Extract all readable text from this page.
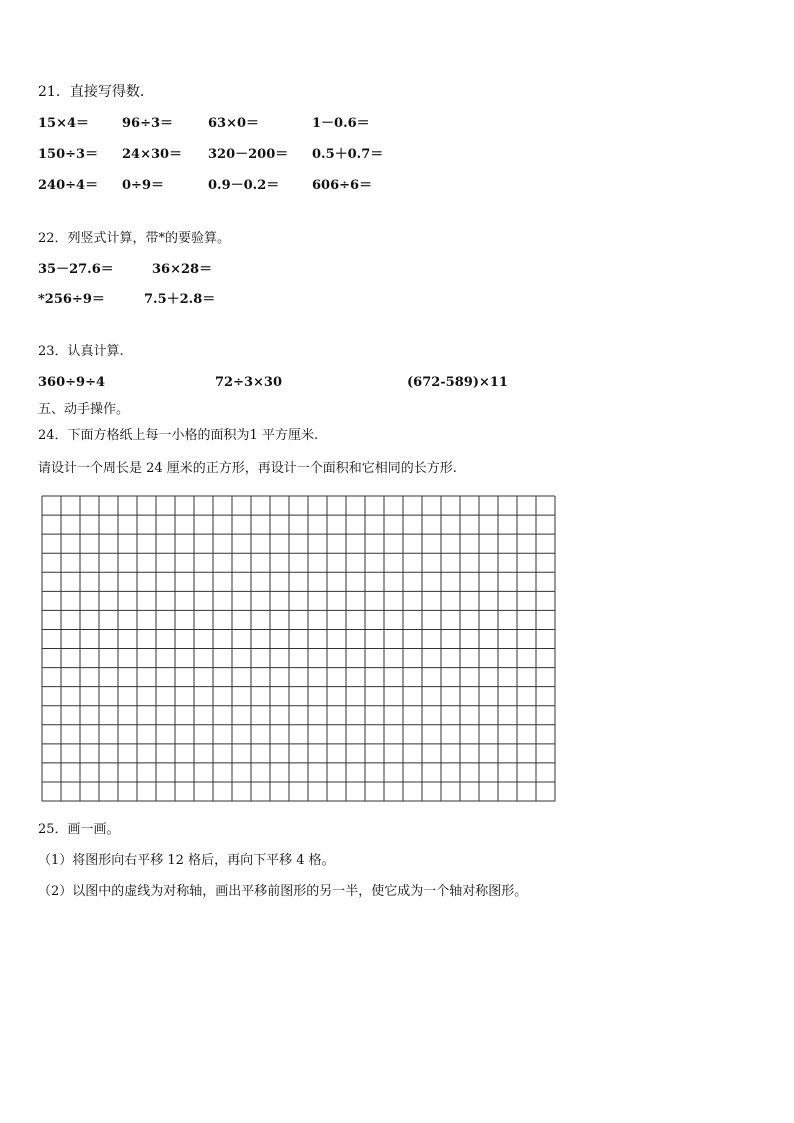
21．直接写得数．
15×4＝	96÷3＝	63×0＝	1－0.6＝
150÷3＝ 24×30＝ 320－200＝ 0.5＋0.7＝
240÷4＝ 0÷9＝	0.9－0.2＝	606÷6＝
22．列竖式计算，带*的要验算。
35－27.6＝	36×28＝
*256÷9＝	7.5＋2.8＝
23．认真计算.
360÷9÷4	72÷3×30	(672-589)×11
五、动手操作。
24．下面方格纸上每一小格的面积为1 平方厘米.
请设计一个周长是 24 厘米的正方形，再设计一个面积和它相同的长方形.
25．画一画。
（1）将图形向右平移 12 格后，再向下平移 4 格。
（2）以图中的虚线为对称轴，画出平移前图形的另一半，使它成为一个轴对称图形。
